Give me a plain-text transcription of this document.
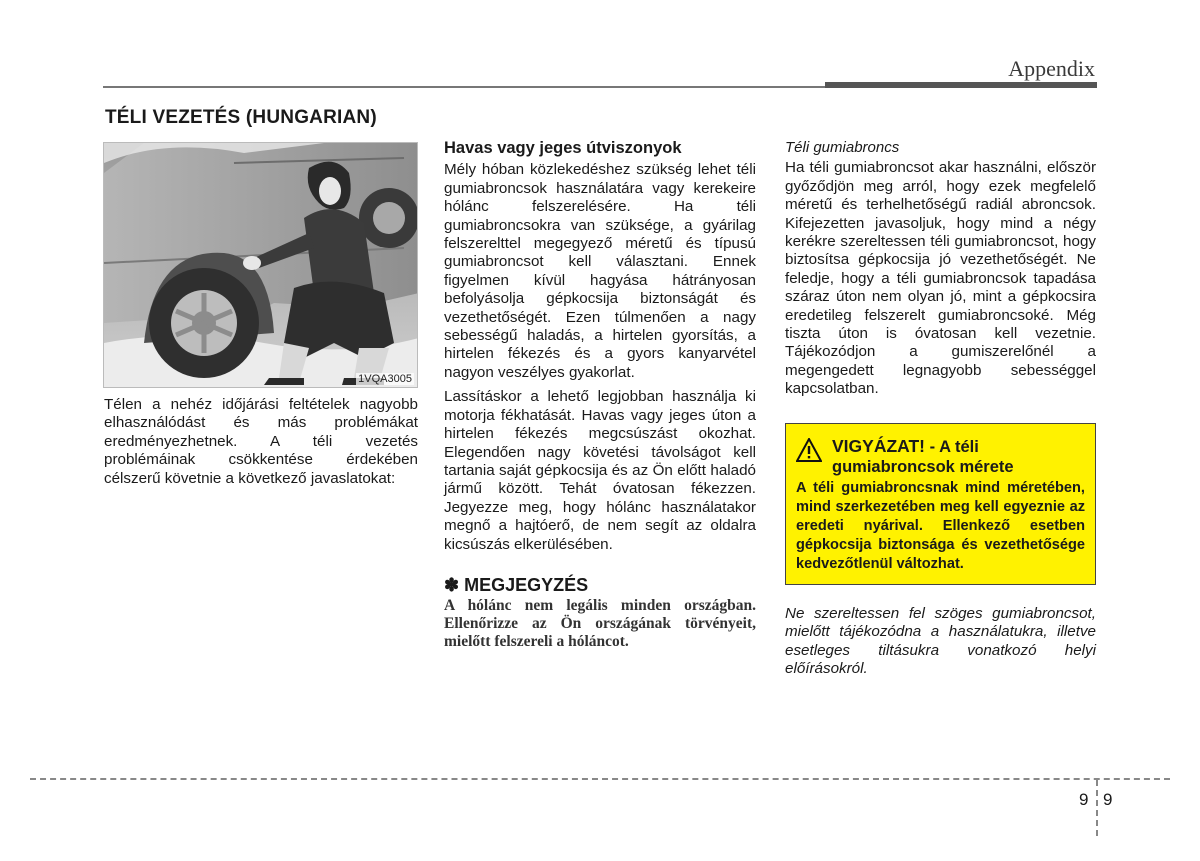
Appendix
TÉLI VEZETÉS (HUNGARIAN)
1VQA3005

Télen a nehéz időjárási feltételek nagyobb elhasználódást és más problémákat eredményezhetnek. A téli vezetés problémáinak csökkentése érdekében célszerű követnie a következő javaslatokat:

Havas vagy jeges útviszonyok

Mély hóban közlekedéshez szükség lehet téli gumiabroncsok használatára vagy kerekeire hólánc felszerelésére. Ha téli gumiabroncsokra van szüksége, a gyárilag felszerelttel megegyező méretű és típusú gumiabroncsot kell választani. Ennek figyelmen kívül hagyása hátrányosan befolyásolja gépkocsija biztonságát és vezethetőségét. Ezen túlmenően a nagy sebességű haladás, a hirtelen gyorsítás, a hirtelen fékezés és a gyors kanyarvétel nagyon veszélyes gyakorlat.

Lassításkor a lehető legjobban használja ki motorja fékhatását. Havas vagy jeges úton a hirtelen fékezés megcsúszást okozhat. Elegendően nagy követési távolságot kell tartania saját gépkocsija és az Ön előtt haladó jármű között. Tehát óvatosan fékezzen. Jegyezze meg, hogy hólánc használatakor megnő a hajtóerő, de nem segít az oldalra kicsúszás elkerülésében.

✽ MEGJEGYZÉS
A hólánc nem legális minden országban. Ellenőrizze az Ön országának törvényeit, mielőtt felszereli a hóláncot.
Téli gumiabroncs

Ha téli gumiabroncsot akar használni, először győződjön meg arról, hogy ezek megfelelő méretű és terhelhetőségű radiál abroncsok. Kifejezetten javasoljuk, hogy mind a négy kerékre szereltessen téli gumiabroncsot, hogy biztosítsa gépkocsija jó vezethetőségét. Ne feledje, hogy a téli gumiabroncsok tapadása száraz úton nem olyan jó, mint a gépkocsira eredetileg felszerelt gumiabroncsoké. Még tiszta úton is óvatosan kell vezetnie. Tájékozódjon a gumiszerelőnél a megengedett legnagyobb sebességgel kapcsolatban.

VIGYÁZAT! - A téli
gumiabroncsok mérete
A téli gumiabroncsnak mind méretében, mind szerkezetében meg kell egyeznie az eredeti nyárival. Ellenkező esetben gépkocsija biztonsága és vezethetősége kedvezőtlenül változhat.

Ne szereltessen fel szöges gumiabroncsot, mielőtt tájékozódna a használatukra, illetve esetleges tiltásukra vonatkozó helyi előírásokról.

9 9
